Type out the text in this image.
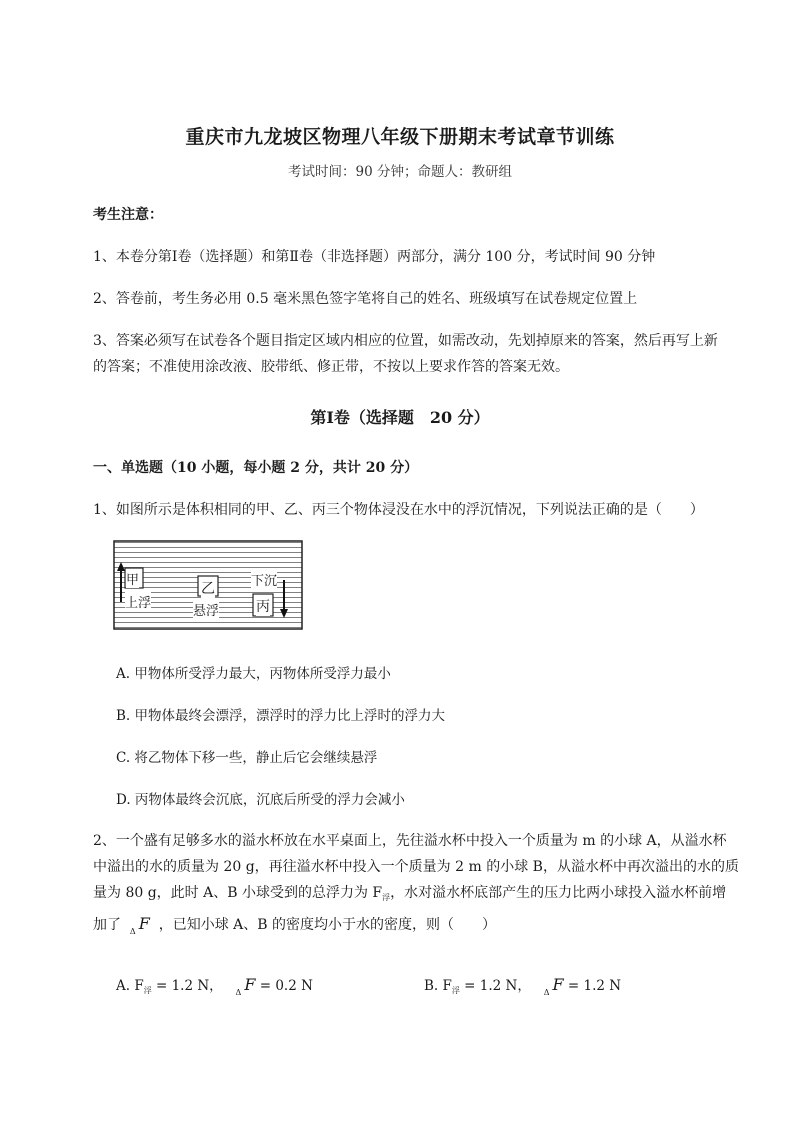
重庆市九龙坡区物理八年级下册期末考试章节训练
考试时间：90 分钟；命题人：教研组
考生注意：
1、本卷分第Ⅰ卷（选择题）和第Ⅱ卷（非选择题）两部分，满分 100 分，考试时间 90 分钟
2、答卷前，考生务必用 0.5 毫米黑色签字笔将自己的姓名、班级填写在试卷规定位置上
3、答案必须写在试卷各个题目指定区域内相应的位置，如需改动，先划掉原来的答案，然后再写上新
的答案；不准使用涂改液、胶带纸、修正带，不按以上要求作答的答案无效。
第Ⅰ卷（选择题　20 分）
一、单选题（10 小题，每小题 2 分，共计 20 分）
1、如图所示是体积相同的甲、乙、丙三个物体浸没在水中的浮沉情况，下列说法正确的是（　　）
甲
上浮
乙
悬浮
下沉
丙
A. 甲物体所受浮力最大，丙物体所受浮力最小
B. 甲物体最终会漂浮，漂浮时的浮力比上浮时的浮力大
C. 将乙物体下移一些，静止后它会继续悬浮
D. 丙物体最终会沉底，沉底后所受的浮力会减小
2、一个盛有足够多水的溢水杯放在水平桌面上，先往溢水杯中投入一个质量为 m 的小球 A，从溢水杯
中溢出的水的质量为 20 g，再往溢水杯中投入一个质量为 2 m 的小球 B，从溢水杯中再次溢出的水的质
量为 80 g，此时 A、B 小球受到的总浮力为 $F_浮$，水对溢水杯底部产生的压力比两小球投入溢水杯前增
加了 $_\Delta$ F ，已知小球 A、B 的密度均小于水的密度，则（　　）
A. $F_浮 = 1.2$ N， $_\Delta$ F = 0.2 N	B. $F_浮 = 1.2$ N， $_\Delta$ F = 1.2 N
